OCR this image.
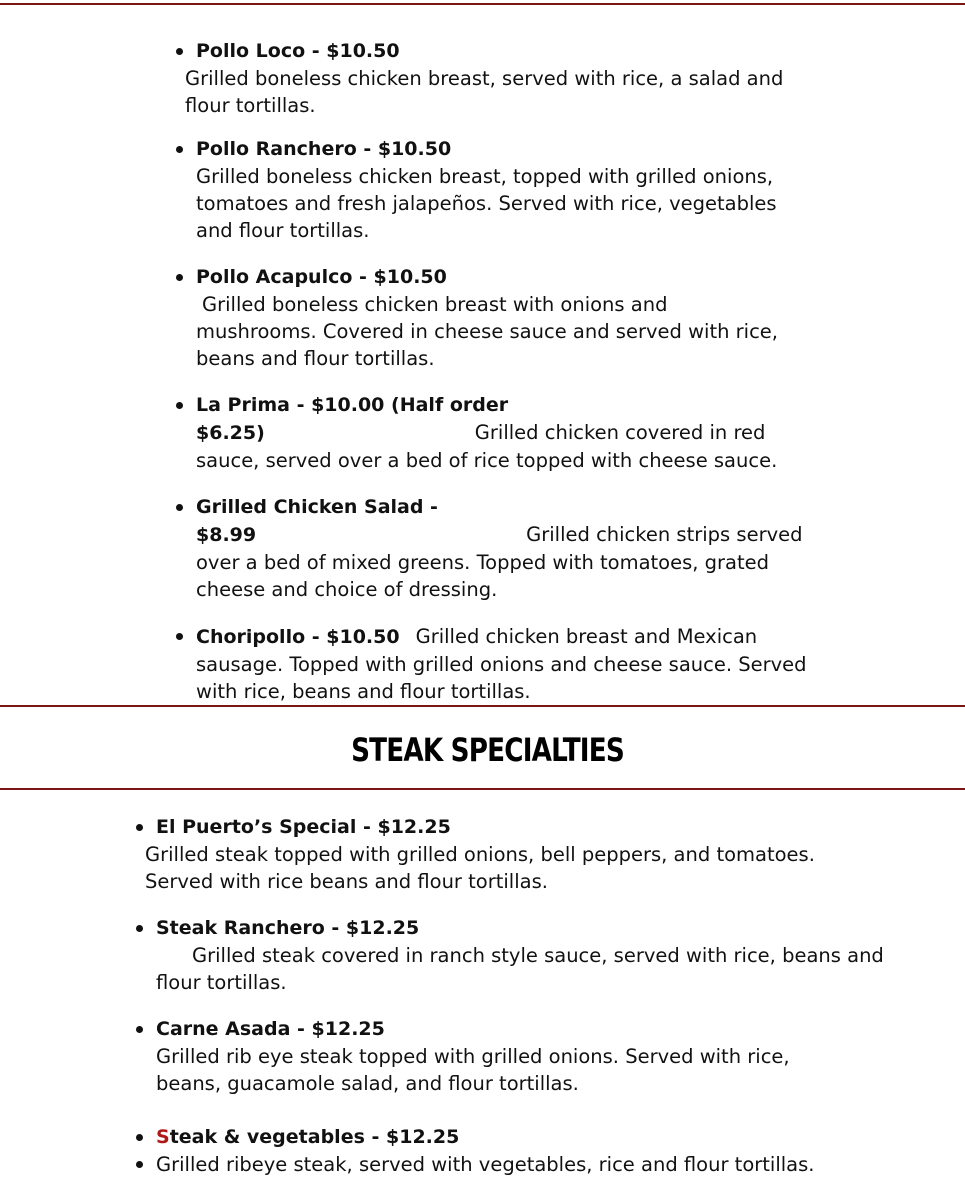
Pollo Loco - $10.50
Grilled boneless chicken breast, served with rice, a salad and flour tortillas.
Pollo Ranchero - $10.50
Grilled boneless chicken breast, topped with grilled onions, tomatoes and fresh jalapeños. Served with rice, vegetables and flour tortillas.
Pollo Acapulco - $10.50
Grilled boneless chicken breast with onions and mushrooms. Covered in cheese sauce and served with rice, beans and flour tortillas.
La Prima - $10.00 (Half order $6.25)	Grilled chicken covered in red sauce, served over a bed of rice topped with cheese sauce.
Grilled Chicken Salad - $8.99	Grilled chicken strips served over a bed of mixed greens. Topped with tomatoes, grated cheese and choice of dressing.
Choripollo - $10.50 Grilled chicken breast and Mexican sausage. Topped with grilled onions and cheese sauce. Served with rice, beans and flour tortillas.
STEAK SPECIALTIES
El Puerto’s Special - $12.25
Grilled steak topped with grilled onions, bell peppers, and tomatoes. Served with rice beans and flour tortillas.
Steak Ranchero - $12.25
Grilled steak covered in ranch style sauce, served with rice, beans and flour tortillas.
Carne Asada - $12.25
Grilled rib eye steak topped with grilled onions. Served with rice, beans, guacamole salad, and flour tortillas.
Steak & vegetables - $12.25
Grilled ribeye steak, served with vegetables, rice and flour tortillas.
